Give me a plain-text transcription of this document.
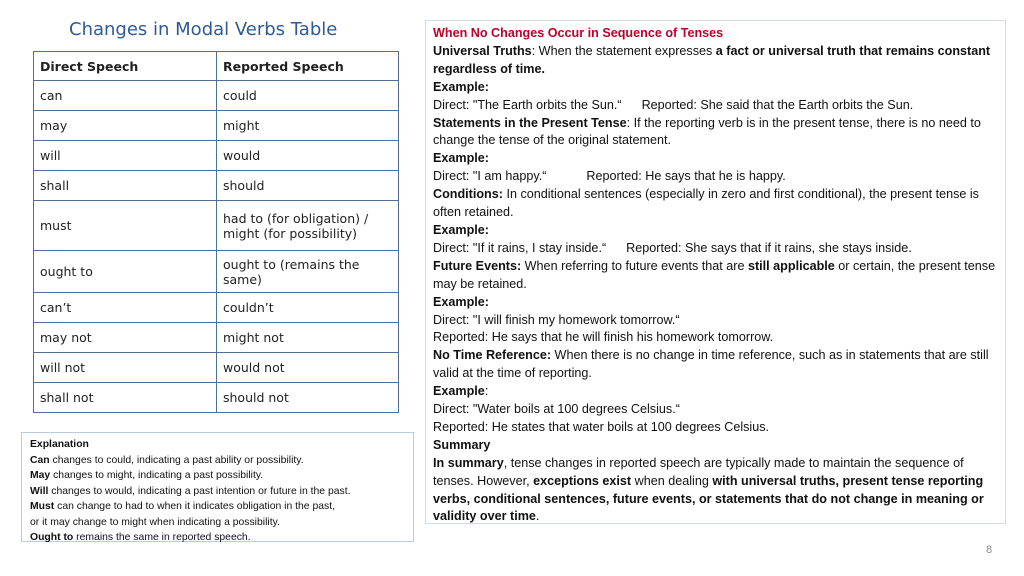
Changes in Modal Verbs Table
Direct Speech	Reported Speech
can	could
may	might
will	would
shall	should
must	had to (for obligation) / might (for possibility)
ought to	ought to (remains the same)
can’t	couldn’t
may not	might not
will not	would not
shall not	should not
Explanation
Can changes to could, indicating a past ability or possibility.
May changes to might, indicating a past possibility.
Will changes to would, indicating a past intention or future in the past.
Must can change to had to when it indicates obligation in the past,
or it may change to might when indicating a possibility.
Ought to remains the same in reported speech.
When No Changes Occur in Sequence of Tenses
Universal Truths: When the statement expresses a fact or universal truth that remains constant regardless of time.
Example:
Direct: "The Earth orbits the Sun.“ Reported: She said that the Earth orbits the Sun.
Statements in the Present Tense: If the reporting verb is in the present tense, there is no need to change the tense of the original statement.
Example:
Direct: "I am happy.“	Reported: He says that he is happy.
Conditions: In conditional sentences (especially in zero and first conditional), the present tense is often retained.
Example:
Direct: "If it rains, I stay inside.“ Reported: She says that if it rains, she stays inside.
Future Events: When referring to future events that are still applicable or certain, the present tense may be retained.
Example:
Direct: "I will finish my homework tomorrow.“
Reported: He says that he will finish his homework tomorrow.
No Time Reference: When there is no change in time reference, such as in statements that are still valid at the time of reporting.
Example:
Direct: "Water boils at 100 degrees Celsius.“
Reported: He states that water boils at 100 degrees Celsius.
Summary
In summary, tense changes in reported speech are typically made to maintain the sequence of tenses. However, exceptions exist when dealing with universal truths, present tense reporting verbs, conditional sentences, future events, or statements that do not change in meaning or validity over time.
8
